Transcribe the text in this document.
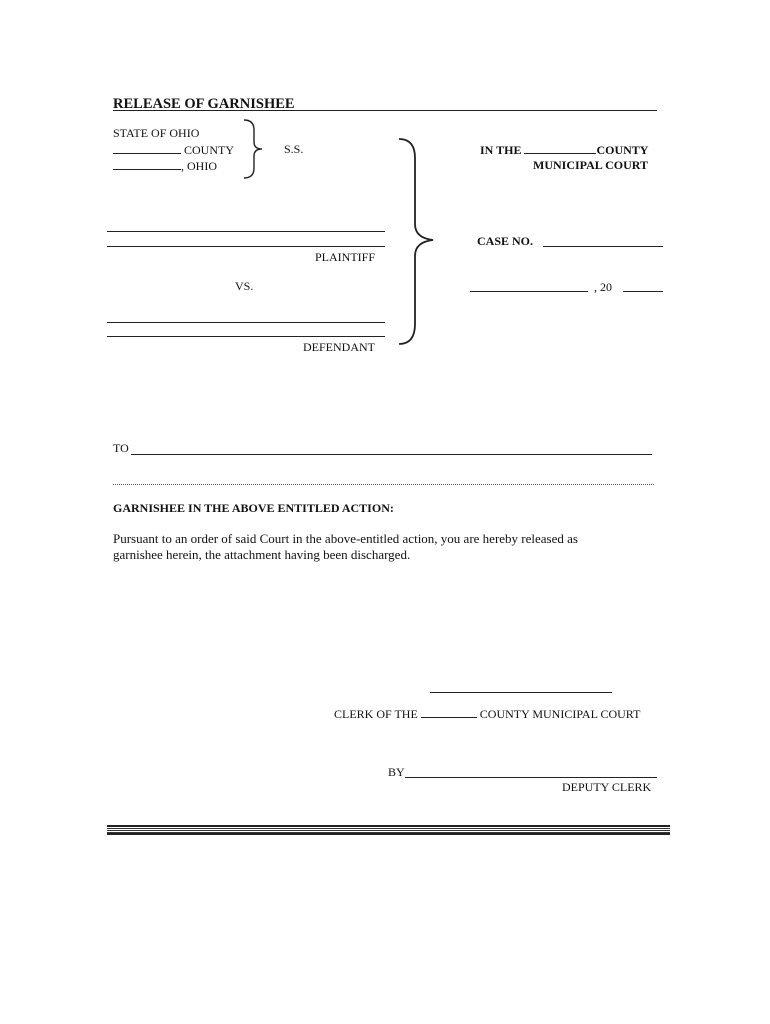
RELEASE OF GARNISHEE
STATE OF OHIO
COUNTY
, OHIO
S.S.	IN THE	COUNTY
MUNICIPAL COURT
PLAINTIFF
CASE NO.
VS.	, 20
DEFENDANT
TO
GARNISHEE IN THE ABOVE ENTITLED ACTION:
Pursuant to an order of said Court in the above-entitled action, you are hereby released as
garnishee herein, the attachment having been discharged.
CLERK OF THE	COUNTY MUNICIPAL COURT
BY
DEPUTY CLERK
